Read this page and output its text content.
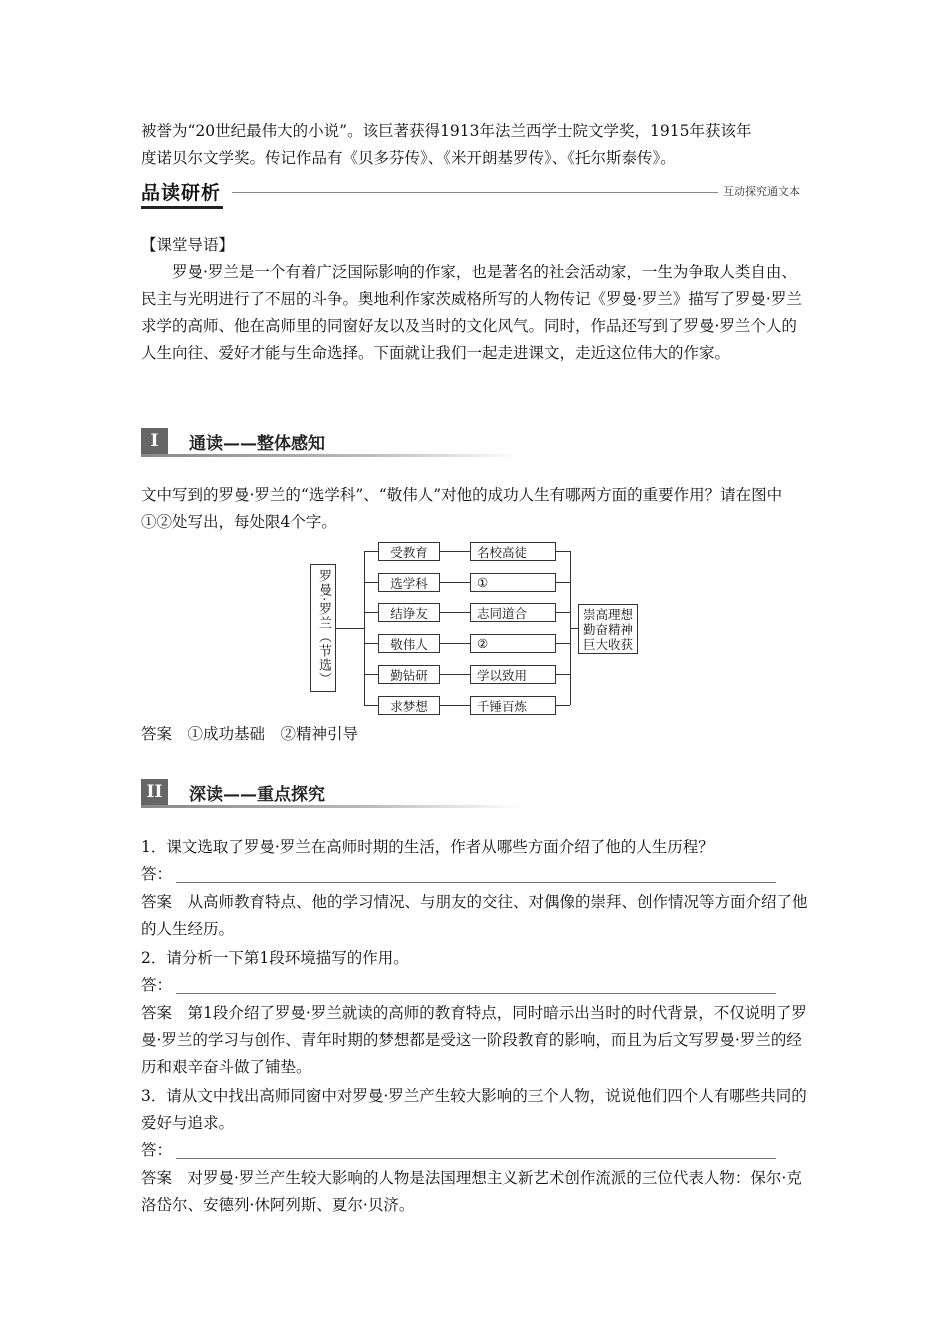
被誉为“20世纪最伟大的小说”。该巨著获得1913年法兰西学士院文学奖，1915年获该年

度诺贝尔文学奖。传记作品有《贝多芬传》、《米开朗基罗传》、《托尔斯泰传》。

品读研析	互动探究通文本

【课堂导语】

罗曼·罗兰是一个有着广泛国际影响的作家，也是著名的社会活动家，一生为争取人类自由、民主与光明进行了不屈的斗争。奥地利作家茨威格所写的人物传记《罗曼·罗兰》描写了罗曼·罗兰求学的高师、他在高师里的同窗好友以及当时的文化风气。同时，作品还写到了罗曼·罗兰个人的人生向往、爱好才能与生命选择。下面就让我们一起走进课文，走近这位伟大的作家。

I	通读——整体感知

文中写到的罗曼·罗兰的“选学科”、“敬伟人”对他的成功人生有哪两方面的重要作用？请在图中①②处写出，每处限4个字。

罗曼·罗兰（节选）
受教育
选学科
结诤友
敬伟人
勤钻研
求梦想
名校高徒
①
志同道合
②
学以致用
千锤百炼
崇高理想
勤奋精神
巨大收获

答案　①成功基础　②精神引导

II	深读——重点探究

1．课文选取了罗曼·罗兰在高师时期的生活，作者从哪些方面介绍了他的人生历程？

答：

答案　从高师教育特点、他的学习情况、与朋友的交往、对偶像的崇拜、创作情况等方面介绍了他的人生经历。

2．请分析一下第1段环境描写的作用。

答：

答案　第1段介绍了罗曼·罗兰就读的高师的教育特点，同时暗示出当时的时代背景，不仅说明了罗曼·罗兰的学习与创作、青年时期的梦想都是受这一阶段教育的影响，而且为后文写罗曼·罗兰的经历和艰辛奋斗做了铺垫。

3．请从文中找出高师同窗中对罗曼·罗兰产生较大影响的三个人物，说说他们四个人有哪些共同的爱好与追求。

答：

答案　对罗曼·罗兰产生较大影响的人物是法国理想主义新艺术创作流派的三位代表人物：保尔·克洛岱尔、安德列·休阿列斯、夏尔·贝济。
